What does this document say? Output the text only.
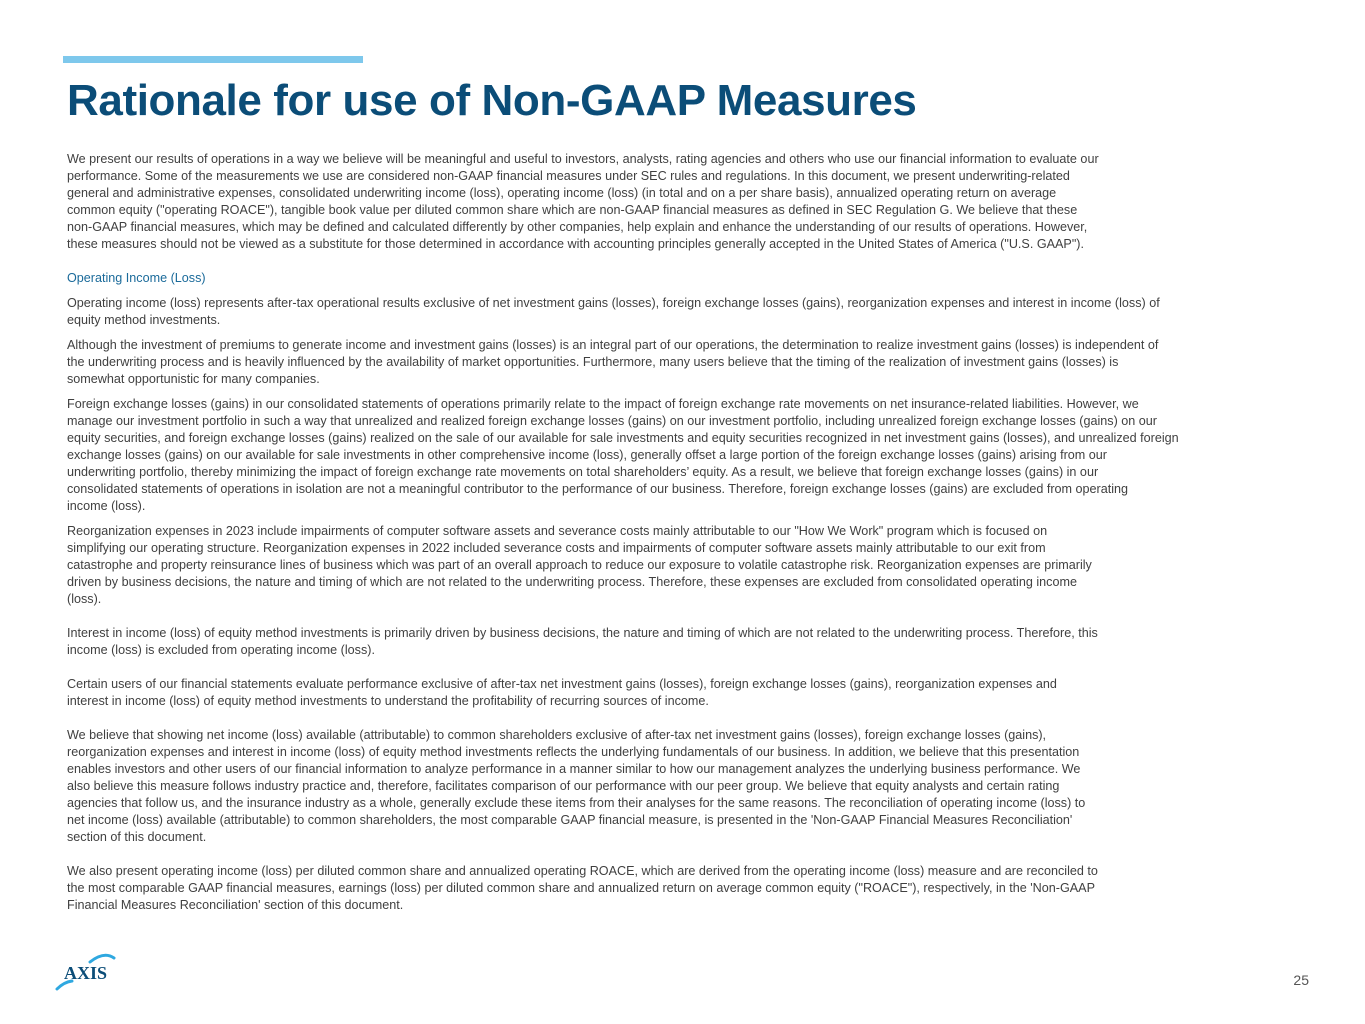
Rationale for use of Non-GAAP Measures

We present our results of operations in a way we believe will be meaningful and useful to investors, analysts, rating agencies and others who use our financial information to evaluate our
performance. Some of the measurements we use are considered non-GAAP financial measures under SEC rules and regulations. In this document, we present underwriting-related
general and administrative expenses, consolidated underwriting income (loss), operating income (loss) (in total and on a per share basis), annualized operating return on average
common equity ("operating ROACE"), tangible book value per diluted common share which are non-GAAP financial measures as defined in SEC Regulation G. We believe that these
non-GAAP financial measures, which may be defined and calculated differently by other companies, help explain and enhance the understanding of our results of operations. However,
these measures should not be viewed as a substitute for those determined in accordance with accounting principles generally accepted in the United States of America ("U.S. GAAP").

Operating Income (Loss)

Operating income (loss) represents after-tax operational results exclusive of net investment gains (losses), foreign exchange losses (gains), reorganization expenses and interest in income (loss) of
equity method investments.

Although the investment of premiums to generate income and investment gains (losses) is an integral part of our operations, the determination to realize investment gains (losses) is independent of
the underwriting process and is heavily influenced by the availability of market opportunities. Furthermore, many users believe that the timing of the realization of investment gains (losses) is
somewhat opportunistic for many companies.

Foreign exchange losses (gains) in our consolidated statements of operations primarily relate to the impact of foreign exchange rate movements on net insurance-related liabilities. However, we
manage our investment portfolio in such a way that unrealized and realized foreign exchange losses (gains) on our investment portfolio, including unrealized foreign exchange losses (gains) on our
equity securities, and foreign exchange losses (gains) realized on the sale of our available for sale investments and equity securities recognized in net investment gains (losses), and unrealized foreign
exchange losses (gains) on our available for sale investments in other comprehensive income (loss), generally offset a large portion of the foreign exchange losses (gains) arising from our
underwriting portfolio, thereby minimizing the impact of foreign exchange rate movements on total shareholders’ equity. As a result, we believe that foreign exchange losses (gains) in our
consolidated statements of operations in isolation are not a meaningful contributor to the performance of our business. Therefore, foreign exchange losses (gains) are excluded from operating
income (loss).

Reorganization expenses in 2023 include impairments of computer software assets and severance costs mainly attributable to our "How We Work" program which is focused on
simplifying our operating structure. Reorganization expenses in 2022 included severance costs and impairments of computer software assets mainly attributable to our exit from
catastrophe and property reinsurance lines of business which was part of an overall approach to reduce our exposure to volatile catastrophe risk. Reorganization expenses are primarily
driven by business decisions, the nature and timing of which are not related to the underwriting process. Therefore, these expenses are excluded from consolidated operating income
(loss).

Interest in income (loss) of equity method investments is primarily driven by business decisions, the nature and timing of which are not related to the underwriting process. Therefore, this
income (loss) is excluded from operating income (loss).

Certain users of our financial statements evaluate performance exclusive of after-tax net investment gains (losses), foreign exchange losses (gains), reorganization expenses and
interest in income (loss) of equity method investments to understand the profitability of recurring sources of income.

We believe that showing net income (loss) available (attributable) to common shareholders exclusive of after-tax net investment gains (losses), foreign exchange losses (gains),
reorganization expenses and interest in income (loss) of equity method investments reflects the underlying fundamentals of our business. In addition, we believe that this presentation
enables investors and other users of our financial information to analyze performance in a manner similar to how our management analyzes the underlying business performance. We
also believe this measure follows industry practice and, therefore, facilitates comparison of our performance with our peer group. We believe that equity analysts and certain rating
agencies that follow us, and the insurance industry as a whole, generally exclude these items from their analyses for the same reasons. The reconciliation of operating income (loss) to
net income (loss) available (attributable) to common shareholders, the most comparable GAAP financial measure, is presented in the 'Non-GAAP Financial Measures Reconciliation'
section of this document.

We also present operating income (loss) per diluted common share and annualized operating ROACE, which are derived from the operating income (loss) measure and are reconciled to
the most comparable GAAP financial measures, earnings (loss) per diluted common share and annualized return on average common equity ("ROACE"), respectively, in the 'Non-GAAP
Financial Measures Reconciliation' section of this document.

AXIS	25
